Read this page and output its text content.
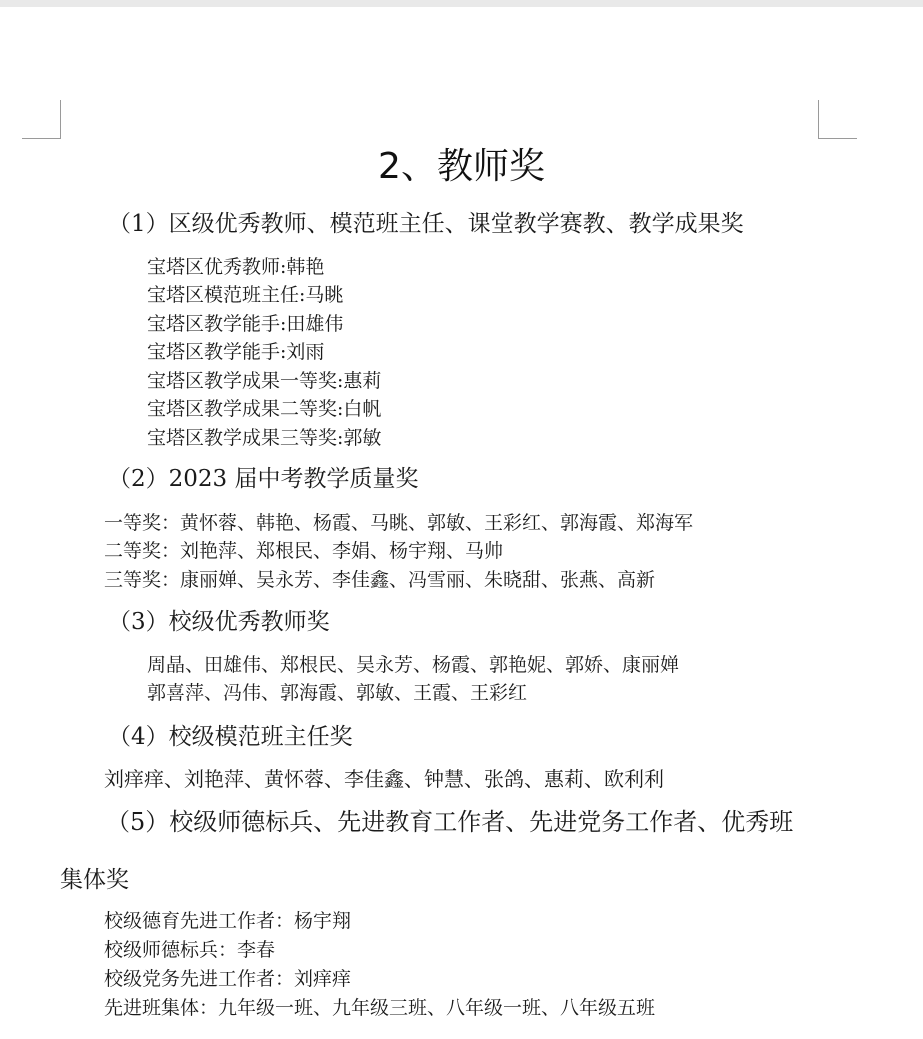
2、教师奖
（1）区级优秀教师、模范班主任、课堂教学赛教、教学成果奖
宝塔区优秀教师:韩艳
宝塔区模范班主任:马眺
宝塔区教学能手:田雄伟
宝塔区教学能手:刘雨
宝塔区教学成果一等奖:惠莉
宝塔区教学成果二等奖:白帆
宝塔区教学成果三等奖:郭敏
（2）2023 届中考教学质量奖
一等奖：黄怀蓉、韩艳、杨霞、马眺、郭敏、王彩红、郭海霞、郑海军
二等奖：刘艳萍、郑根民、李娟、杨宇翔、马帅
三等奖：康丽婵、吴永芳、李佳鑫、冯雪丽、朱晓甜、张燕、高新
（3）校级优秀教师奖
周晶、田雄伟、郑根民、吴永芳、杨霞、郭艳妮、郭娇、康丽婵
郭喜萍、冯伟、郭海霞、郭敏、王霞、王彩红
（4）校级模范班主任奖
刘痒痒、刘艳萍、黄怀蓉、李佳鑫、钟慧、张鸽、惠莉、欧利利
（5）校级师德标兵、先进教育工作者、先进党务工作者、优秀班
集体奖
校级德育先进工作者：杨宇翔
校级师德标兵：李春
校级党务先进工作者：刘痒痒
先进班集体：九年级一班、九年级三班、八年级一班、八年级五班
